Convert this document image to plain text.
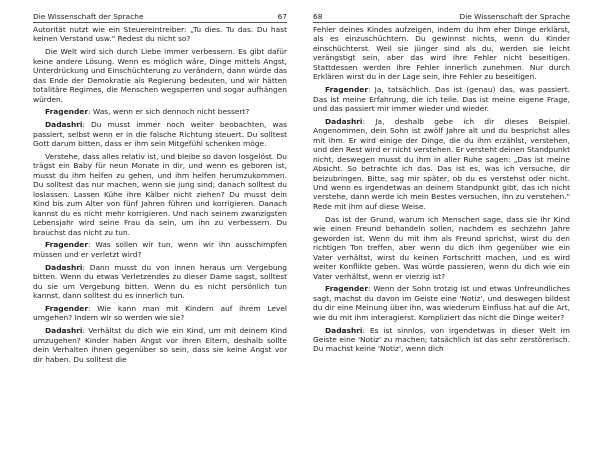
Die Wissenschaft der Sprache	67

Autorität nutzt wie ein Steuereintreiber: „Tu dies. Tu das. Du hast keinen Verstand usw." Redest du nicht so?

Die Welt wird sich durch Liebe immer verbessern. Es gibt dafür keine andere Lösung. Wenn es möglich wäre, Dinge mittels Angst, Unterdrückung und Einschüchterung zu verändern, dann würde das das Ende der Demokratie als Regierung bedeuten, und wir hätten totalitäre Regimes, die Menschen wegsperren und sogar aufhängen würden.

Fragender: Was, wenn er sich dennoch nicht bessert?

Dadashri: Du musst immer noch weiter beobachten, was passiert, selbst wenn er in die falsche Richtung steuert. Du solltest Gott darum bitten, dass er ihm sein Mitgefühl schenken möge.

Verstehe, dass alles relativ ist, und bleibe so davon losgelöst. Du trägst ein Baby für neun Monate in dir, und wenn es geboren ist, musst du ihm helfen zu gehen, und ihm helfen herumzukommen. Du solltest das nur machen, wenn sie jung sind; danach solltest du loslassen. Lassen Kühe ihre Kälber nicht ziehen? Du musst dein Kind bis zum Alter von fünf Jahren führen und korrigieren. Danach kannst du es nicht mehr korrigieren. Und nach seinem zwanzigsten Lebensjahr wird seine Frau da sein, um ihn zu verbessern. Du brauchst das nicht zu tun.

Fragender: Was sollen wir tun, wenn wir ihn ausschimpfen müssen und er verletzt wird?

Dadashri: Dann musst du von innen heraus um Vergebung bitten. Wenn du etwas Verletzendes zu dieser Dame sagst, solltest du sie um Vergebung bitten. Wenn du es nicht persönlich tun kannst, dann solltest du es innerlich tun.

Fragender: Wie kann man mit Kindern auf ihrem Level umgehen? Indem wir so werden wie sie?

Dadashri: Verhältst du dich wie ein Kind, um mit deinem Kind umzugehen? Kinder haben Angst vor ihren Eltern, deshalb sollte dein Verhalten ihnen gegenüber so sein, dass sie keine Angst vor dir haben. Du solltest die

68	Die Wissenschaft der Sprache

Fehler deines Kindes aufzeigen, indem du ihm eher Dinge erklärst, als es einzuschüchtern. Du gewinnst nichts, wenn du Kinder einschüchterst. Weil sie jünger sind als du, werden sie leicht verängstigt sein, aber das wird ihre Fehler nicht beseitigen. Stattdessen werden ihre Fehler innerlich zunehmen. Nur durch Erklären wirst du in der Lage sein, ihre Fehler zu beseitigen.

Fragender: Ja, tatsächlich. Das ist (genau) das, was passiert. Das ist meine Erfahrung, die ich teile. Das ist meine eigene Frage, und das passiert mir immer wieder und wieder.

Dadashri: Ja, deshalb gebe ich dir dieses Beispiel. Angenommen, dein Sohn ist zwölf Jahre alt und du besprichst alles mit ihm. Er wird einige der Dinge, die du ihm erzählst, verstehen, und den Rest wird er nicht verstehen. Er versteht deinen Standpunkt nicht, deswegen musst du ihm in aller Ruhe sagen: „Das ist meine Absicht. So betrachte ich das. Das ist es, was ich versuche, dir beizubringen. Bitte, sag mir später, ob du es verstehst oder nicht. Und wenn es irgendetwas an deinem Standpunkt gibt, das ich nicht verstehe, dann werde ich mein Bestes versuchen, ihn zu verstehen." Rede mit ihm auf diese Weise.

Das ist der Grund, warum ich Menschen sage, dass sie ihr Kind wie einen Freund behandeln sollen, nachdem es sechzehn Jahre geworden ist. Wenn du mit ihm als Freund sprichst, wirst du den richtigen Ton treffen, aber wenn du dich ihm gegenüber wie ein Vater verhältst, wirst du keinen Fortschritt machen, und es wird weiter Konflikte geben. Was würde passieren, wenn du dich wie ein Vater verhältst, wenn er vierzig ist?

Fragender: Wenn der Sohn trotzig ist und etwas Unfreundliches sagt, machst du davon im Geiste eine 'Notiz', und deswegen bildest du dir eine Meinung über ihn, was wiederum Einfluss hat auf die Art, wie du mit ihm interagierst. Kompliziert das nicht die Dinge weiter?

Dadashri: Es ist sinnlos, von irgendetwas in dieser Welt im Geiste eine 'Notiz' zu machen; tatsächlich ist das sehr zerstörerisch. Du machst keine 'Notiz', wenn dich
